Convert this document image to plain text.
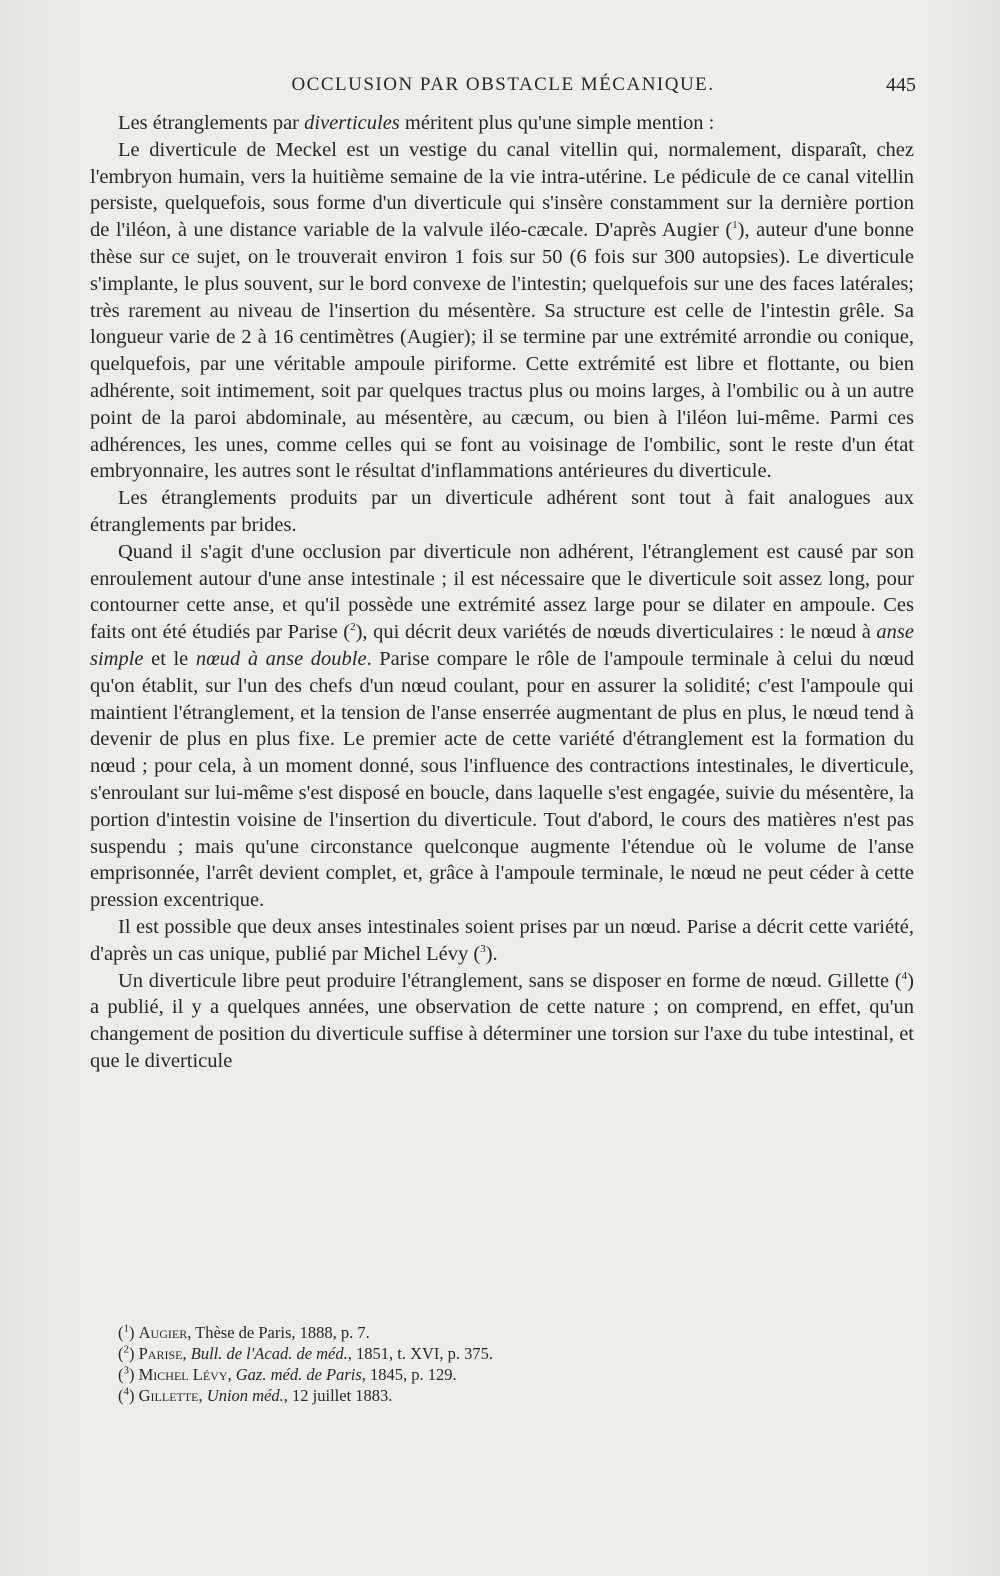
OCCLUSION PAR OBSTACLE MÉCANIQUE.	445

Les étranglements par diverticules méritent plus qu'une simple mention :

Le diverticule de Meckel est un vestige du canal vitellin qui, normalement, disparaît, chez l'embryon humain, vers la huitième semaine de la vie intra-utérine. Le pédicule de ce canal vitellin persiste, quelquefois, sous forme d'un diverticule qui s'insère constamment sur la dernière portion de l'iléon, à une distance variable de la valvule iléo-cæcale. D'après Augier ($^1$), auteur d'une bonne thèse sur ce sujet, on le trouverait environ 1 fois sur 50 (6 fois sur 300 autopsies). Le diverticule s'implante, le plus souvent, sur le bord convexe de l'intestin; quelquefois sur une des faces latérales; très rarement au niveau de l'insertion du mésentère. Sa structure est celle de l'intestin grêle. Sa longueur varie de 2 à 16 centimètres (Augier); il se termine par une extrémité arrondie ou conique, quelquefois, par une véritable ampoule piriforme. Cette extrémité est libre et flottante, ou bien adhérente, soit intimement, soit par quelques tractus plus ou moins larges, à l'ombilic ou à un autre point de la paroi abdominale, au mésentère, au cæcum, ou bien à l'iléon lui-même. Parmi ces adhérences, les unes, comme celles qui se font au voisinage de l'ombilic, sont le reste d'un état embryonnaire, les autres sont le résultat d'inflammations antérieures du diverticule.

Les étranglements produits par un diverticule adhérent sont tout à fait analogues aux étranglements par brides.

Quand il s'agit d'une occlusion par diverticule non adhérent, l'étranglement est causé par son enroulement autour d'une anse intestinale ; il est nécessaire que le diverticule soit assez long, pour contourner cette anse, et qu'il possède une extrémité assez large pour se dilater en ampoule. Ces faits ont été étudiés par Parise ($^2$), qui décrit deux variétés de nœuds diverticulaires : le nœud à anse simple et le nœud à anse double. Parise compare le rôle de l'ampoule terminale à celui du nœud qu'on établit, sur l'un des chefs d'un nœud coulant, pour en assurer la solidité; c'est l'ampoule qui maintient l'étranglement, et la tension de l'anse enserrée augmentant de plus en plus, le nœud tend à devenir de plus en plus fixe. Le premier acte de cette variété d'étranglement est la formation du nœud ; pour cela, à un moment donné, sous l'influence des contractions intestinales, le diverticule, s'enroulant sur lui-même s'est disposé en boucle, dans laquelle s'est engagée, suivie du mésentère, la portion d'intestin voisine de l'insertion du diverticule. Tout d'abord, le cours des matières n'est pas suspendu ; mais qu'une circonstance quelconque augmente l'étendue où le volume de l'anse emprisonnée, l'arrêt devient complet, et, grâce à l'ampoule terminale, le nœud ne peut céder à cette pression excentrique.

Il est possible que deux anses intestinales soient prises par un nœud. Parise a décrit cette variété, d'après un cas unique, publié par Michel Lévy ($^3$).

Un diverticule libre peut produire l'étranglement, sans se disposer en forme de nœud. Gillette ($^4$) a publié, il y a quelques années, une observation de cette nature ; on comprend, en effet, qu'un changement de position du diverticule suffise à déterminer une torsion sur l'axe du tube intestinal, et que le diverticule

($^1$) Augier, Thèse de Paris, 1888, p. 7.

($^2$) Parise, Bull. de l'Acad. de méd., 1851, t. XVI, p. 375.

($^3$) Michel Lévy, Gaz. méd. de Paris, 1845, p. 129.

($^4$) Gillette, Union méd., 12 juillet 1883.
